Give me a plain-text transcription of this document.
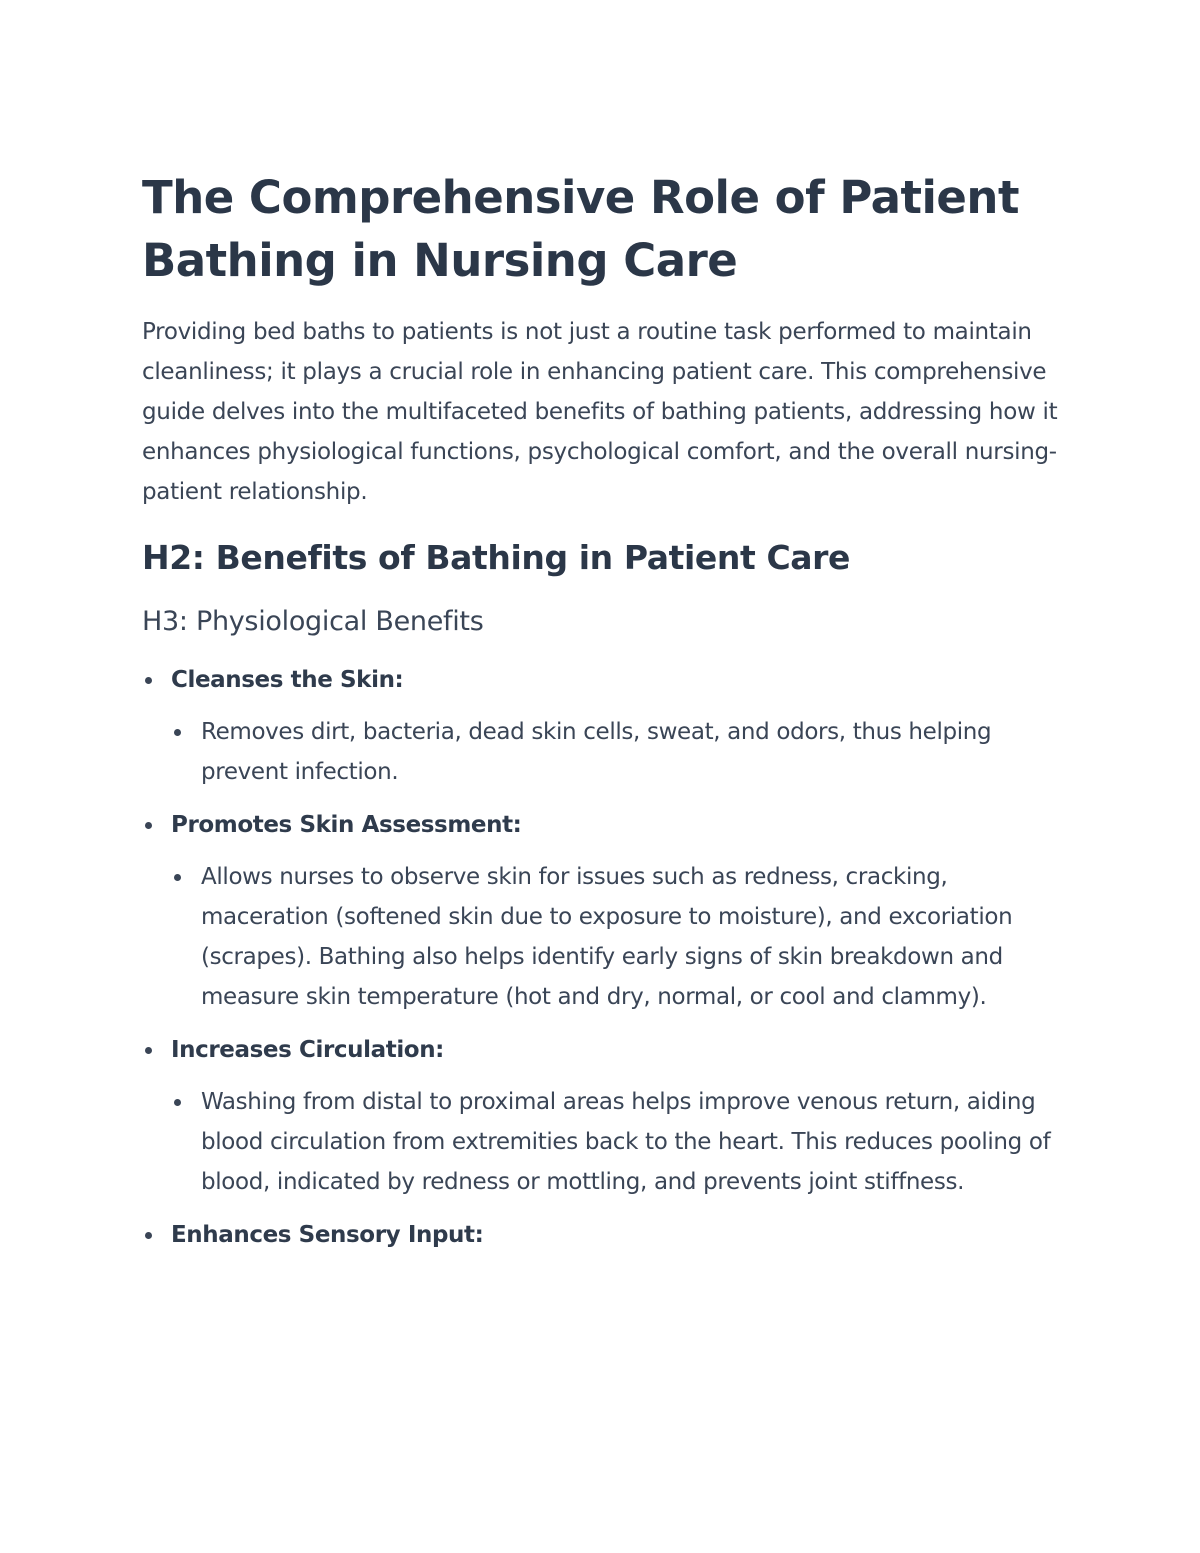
The Comprehensive Role of Patient Bathing in Nursing Care

Providing bed baths to patients is not just a routine task performed to maintain cleanliness; it plays a crucial role in enhancing patient care. This comprehensive guide delves into the multifaceted benefits of bathing patients, addressing how it enhances physiological functions, psychological comfort, and the overall nursing-patient relationship.

H2: Benefits of Bathing in Patient Care
H3: Physiological Benefits
Cleanses the Skin:
Removes dirt, bacteria, dead skin cells, sweat, and odors, thus helping prevent infection.
Promotes Skin Assessment:
Allows nurses to observe skin for issues such as redness, cracking, maceration (softened skin due to exposure to moisture), and excoriation (scrapes). Bathing also helps identify early signs of skin breakdown and measure skin temperature (hot and dry, normal, or cool and clammy).
Increases Circulation:
Washing from distal to proximal areas helps improve venous return, aiding blood circulation from extremities back to the heart. This reduces pooling of blood, indicated by redness or mottling, and prevents joint stiffness.
Enhances Sensory Input:
